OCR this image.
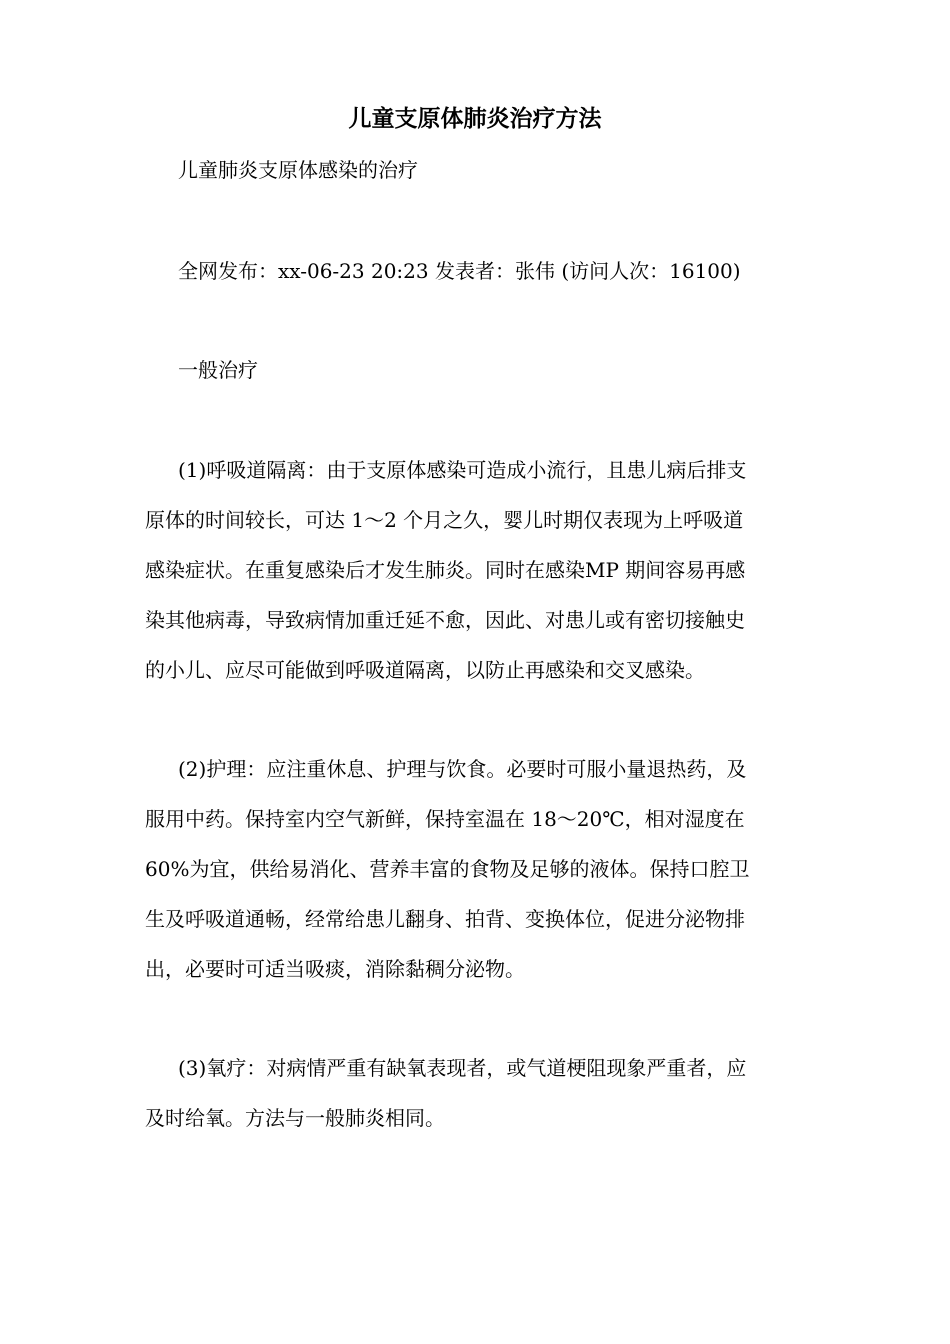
儿童支原体肺炎治疗方法

儿童肺炎支原体感染的治疗

全网发布：xx-06-23 20:23 发表者：张伟 (访问人次：16100)

一般治疗

(1)呼吸道隔离：由于支原体感染可造成小流行，且患儿病后排支

原体的时间较长，可达 1～2 个月之久，婴儿时期仅表现为上呼吸道

感染症状。在重复感染后才发生肺炎。同时在感染MP 期间容易再感

染其他病毒，导致病情加重迁延不愈，因此、对患儿或有密切接触史

的小儿、应尽可能做到呼吸道隔离，以防止再感染和交叉感染。

(2)护理：应注重休息、护理与饮食。必要时可服小量退热药，及

服用中药。保持室内空气新鲜，保持室温在 18～20℃，相对湿度在

60%为宜，供给易消化、营养丰富的食物及足够的液体。保持口腔卫

生及呼吸道通畅，经常给患儿翻身、拍背、变换体位，促进分泌物排

出，必要时可适当吸痰，消除黏稠分泌物。

(3)氧疗：对病情严重有缺氧表现者，或气道梗阻现象严重者，应

及时给氧。方法与一般肺炎相同。
